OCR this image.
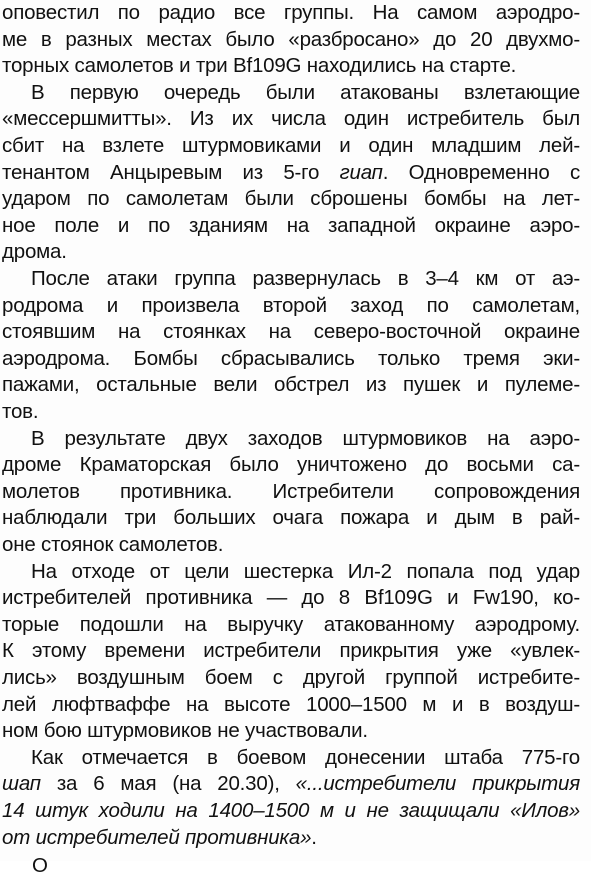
оповестил по радио все группы. На самом аэродро-
ме в разных местах было «разбросано» до 20 двухмо-
торных самолетов и три Bf109G находились на старте.
В первую очередь были атакованы взлетающие
«мессершмитты». Из их числа один истребитель был
сбит на взлете штурмовиками и один младшим лей-
тенантом Анцыревым из 5-го гиап. Одновременно с
ударом по самолетам были сброшены бомбы на лет-
ное поле и по зданиям на западной окраине аэро-
дрома.
После атаки группа развернулась в 3–4 км от аэ-
родрома и произвела второй заход по самолетам,
стоявшим на стоянках на северо-восточной окраине
аэродрома. Бомбы сбрасывались только тремя эки-
пажами, остальные вели обстрел из пушек и пулеме-
тов.
В результате двух заходов штурмовиков на аэро-
дроме Краматорская было уничтожено до восьми са-
молетов противника. Истребители сопровождения
наблюдали три больших очага пожара и дым в рай-
оне стоянок самолетов.
На отходе от цели шестерка Ил-2 попала под удар
истребителей противника — до 8 Bf109G и Fw190, ко-
торые подошли на выручку атакованному аэродрому.
К этому времени истребители прикрытия уже «увлек-
лись» воздушным боем с другой группой истребите-
лей люфтваффе на высоте 1000–1500 м и в воздуш-
ном бою штурмовиков не участвовали.
Как отмечается в боевом донесении штаба 775-го
шап за 6 мая (на 20.30), «...истребители прикрытия
14 штук ходили на 1400–1500 м и не защищали «Илов»
от истребителей противника».
О
